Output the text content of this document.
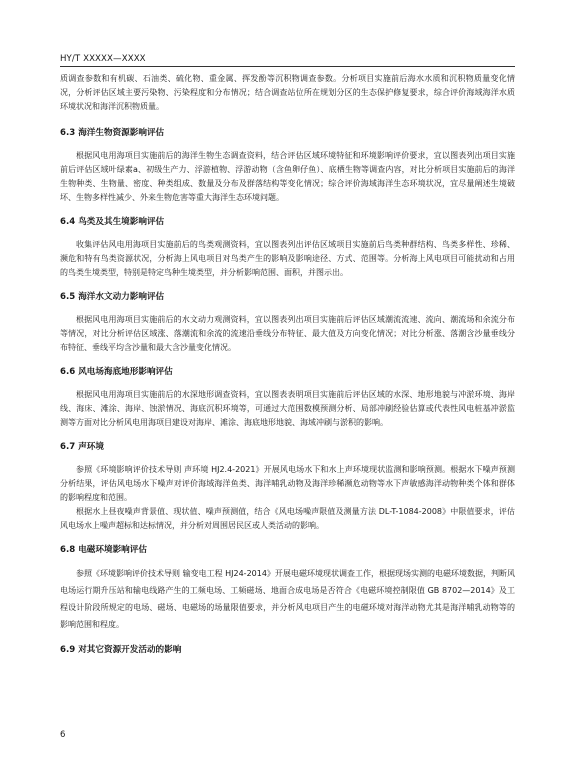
HY/T XXXXX—XXXX

质调查参数和有机碳、石油类、硫化物、重金属、挥发酚等沉积物调查参数。分析项目实施前后海水水质和沉积物质量变化情况，分析评估区域主要污染物、污染程度和分布情况；结合调查站位所在规划分区的生态保护修复要求，综合评价海域海洋水质环境状况和海洋沉积物质量。

6.3 海洋生物资源影响评估

根据风电用海项目实施前后的海洋生物生态调查资料，结合评估区域环境特征和环境影响评价要求，宜以图表列出项目实施前后评估区域叶绿素a、初级生产力、浮游植物、浮游动物（含鱼卵仔鱼）、底栖生物等调查内容，对比分析项目实施前后的海洋生物种类、生物量、密度、种类组成、数量及分布及群落结构等变化情况；综合评价海域海洋生态环境状况，宜尽量阐述生境破坏、生物多样性减少、外来生物危害等重大海洋生态环境问题。

6.4 鸟类及其生境影响评估

收集评估风电用海项目实施前后的鸟类观测资料，宜以图表列出评估区域项目实施前后鸟类种群结构、鸟类多样性、珍稀、濒危和特有鸟类资源状况，分析海上风电项目对鸟类产生的影响及影响途径、方式、范围等。分析海上风电项目可能扰动和占用的鸟类生境类型，特别是特定鸟种生境类型，并分析影响范围、面积，并图示出。

6.5 海洋水文动力影响评估

根据风电用海项目实施前后的水文动力观测资料，宜以图表列出项目实施前后评估区域潮流流速、流向、潮流场和余流分布等情况，对比分析评估区域涨、落潮流和余流的流速沿垂线分布特征、最大值及方向变化情况；对比分析涨、落潮含沙量垂线分布特征、垂线平均含沙量和最大含沙量变化情况。

6.6 风电场海底地形影响评估

根据风电用海项目实施前后的水深地形调查资料，宜以图表表明项目实施前后评估区域的水深、地形地貌与冲淤环境、海岸线、海床、滩涂、海岸、蚀淤情况、海底沉积环境等，可通过大范围数模预测分析、局部冲刷经验估算或代表性风电桩基冲淤监测等方面对比分析风电用海项目建设对海岸、滩涂、海底地形地貌、海域冲刷与淤积的影响。

6.7 声环境

参照《环境影响评价技术导则 声环境 HJ2.4-2021》开展风电场水下和水上声环境现状监测和影响预测。根据水下噪声预测分析结果，评估风电场水下噪声对评价海域海洋鱼类、海洋哺乳动物及海洋珍稀濒危动物等水下声敏感海洋动物种类个体和群体的影响程度和范围。

根据水上昼夜噪声背景值、现状值、噪声预测值，结合《风电场噪声限值及测量方法 DL-T-1084-2008》中限值要求，评估风电场水上噪声超标和达标情况，并分析对周围居民区或人类活动的影响。

6.8 电磁环境影响评估

参照《环境影响评价技术导则 输变电工程 HJ24-2014》开展电磁环境现状调查工作，根据现场实测的电磁环境数据，判断风电场运行期升压站和输电线路产生的工频电场、工频磁场、地面合成电场是否符合《电磁环境控制限值 GB 8702—2014》及工程设计阶段所规定的电场、磁场、电磁场的场量限值要求，并分析风电项目产生的电磁环境对海洋动物尤其是海洋哺乳动物等的影响范围和程度。

6.9 对其它资源开发活动的影响

6
